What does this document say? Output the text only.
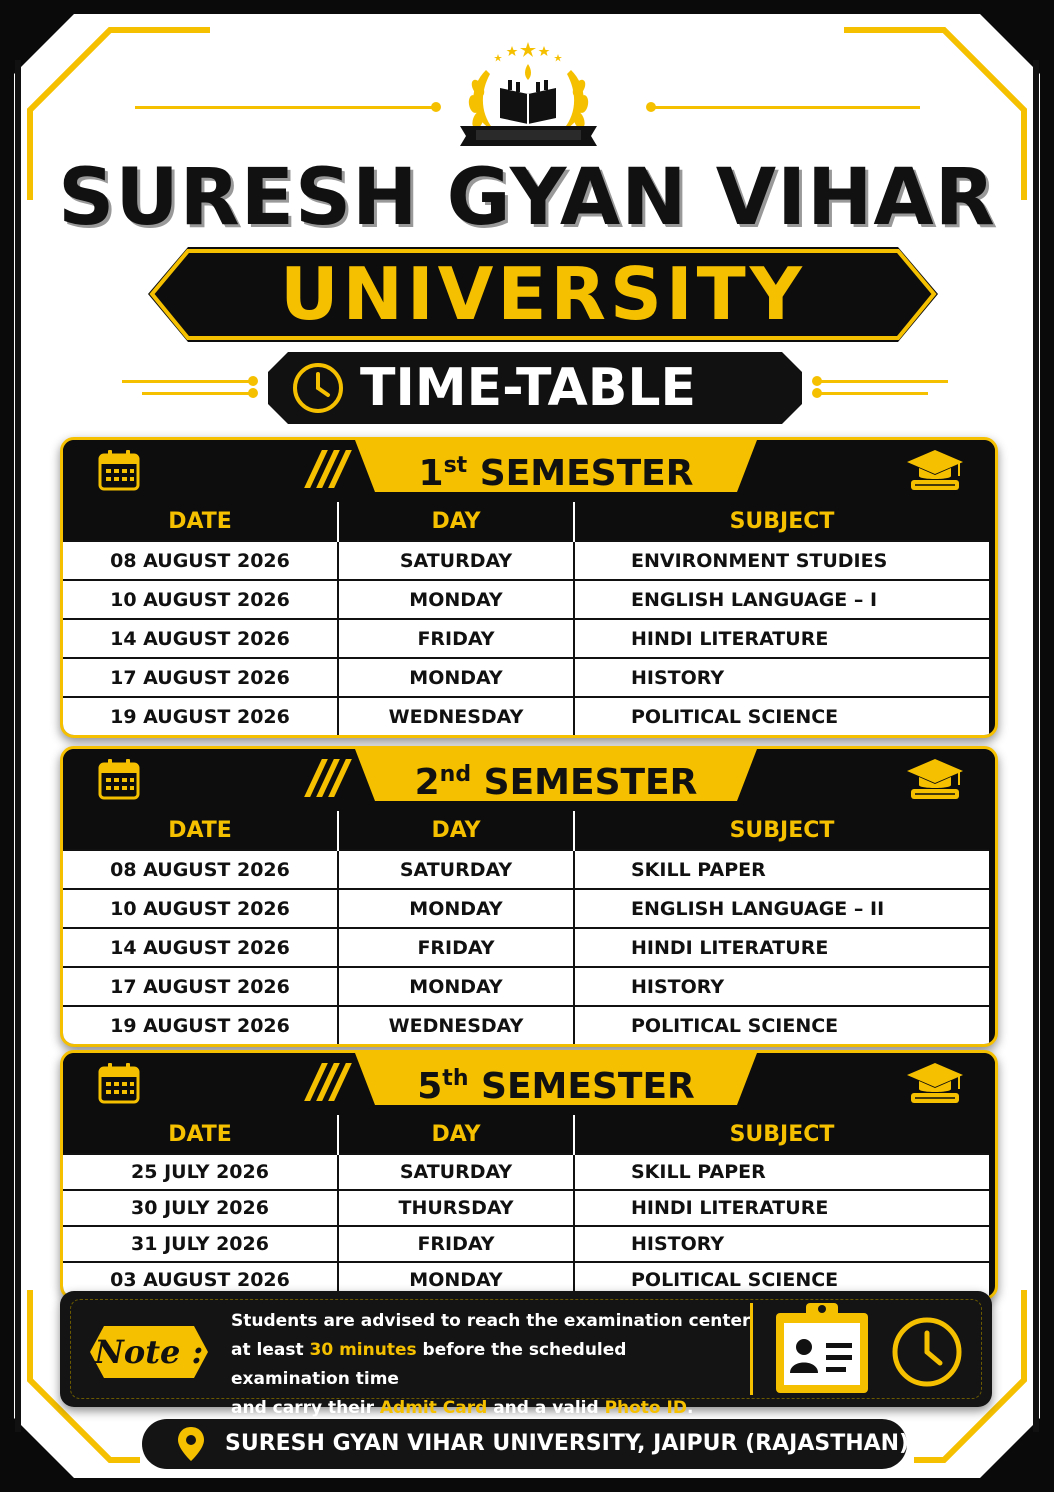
SURESH GYAN VIHAR
UNIVERSITY
TIME-TABLE
1st SEMESTER
DATE	DAY	SUBJECT
08 AUGUST 2026	SATURDAY	ENVIRONMENT STUDIES
10 AUGUST 2026	MONDAY	ENGLISH LANGUAGE – I
14 AUGUST 2026	FRIDAY	HINDI LITERATURE
17 AUGUST 2026	MONDAY	HISTORY
19 AUGUST 2026	WEDNESDAY	POLITICAL SCIENCE
2nd SEMESTER
DATE	DAY	SUBJECT
08 AUGUST 2026	SATURDAY	SKILL PAPER
10 AUGUST 2026	MONDAY	ENGLISH LANGUAGE – II
14 AUGUST 2026	FRIDAY	HINDI LITERATURE
17 AUGUST 2026	MONDAY	HISTORY
19 AUGUST 2026	WEDNESDAY	POLITICAL SCIENCE
5th SEMESTER
DATE	DAY	SUBJECT
25 JULY 2026	SATURDAY	SKILL PAPER
30 JULY 2026	THURSDAY	HINDI LITERATURE
31 JULY 2026	FRIDAY	HISTORY
03 AUGUST 2026	MONDAY	POLITICAL SCIENCE
Note :
Students are advised to reach the examination center
at least 30 minutes before the scheduled examination time
and carry their Admit Card and a valid Photo ID.
SURESH GYAN VIHAR UNIVERSITY, JAIPUR (RAJASTHAN)
